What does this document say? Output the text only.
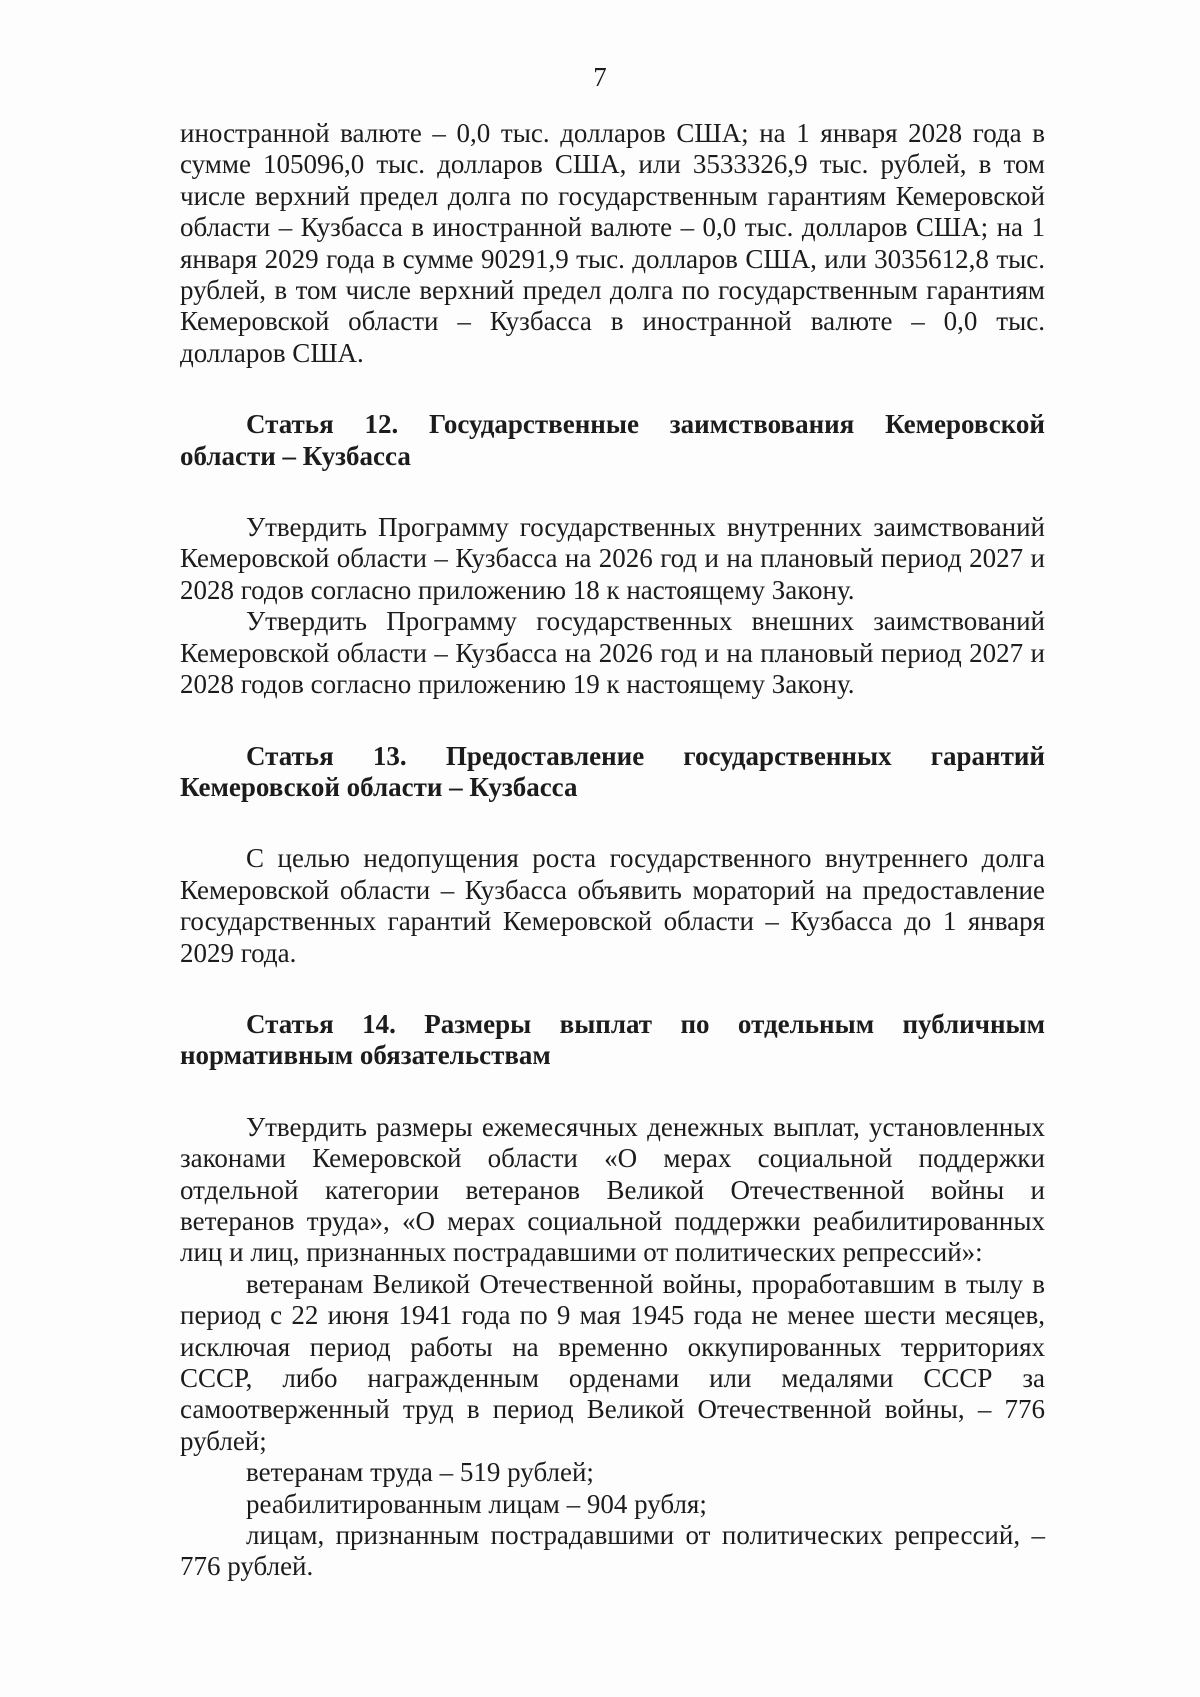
7

иностранной валюте – 0,0 тыс. долларов США; на 1 января 2028 года в сумме 105096,0 тыс. долларов США, или 3533326,9 тыс. рублей, в том числе верхний предел долга по государственным гарантиям Кемеровской области – Кузбасса в иностранной валюте – 0,0 тыс. долларов США; на 1 января 2029 года в сумме 90291,9 тыс. долларов США, или 3035612,8 тыс. рублей, в том числе верхний предел долга по государственным гарантиям Кемеровской области – Кузбасса в иностранной валюте – 0,0 тыс. долларов США.

Статья 12. Государственные заимствования Кемеровской области – Кузбасса

Утвердить Программу государственных внутренних заимствований Кемеровской области – Кузбасса на 2026 год и на плановый период 2027 и 2028 годов согласно приложению 18 к настоящему Закону.

Утвердить Программу государственных внешних заимствований Кемеровской области – Кузбасса на 2026 год и на плановый период 2027 и 2028 годов согласно приложению 19 к настоящему Закону.

Статья 13. Предоставление государственных гарантий Кемеровской области – Кузбасса

С целью недопущения роста государственного внутреннего долга Кемеровской области – Кузбасса объявить мораторий на предоставление государственных гарантий Кемеровской области – Кузбасса до 1 января 2029 года.

Статья 14. Размеры выплат по отдельным публичным нормативным обязательствам

Утвердить размеры ежемесячных денежных выплат, установленных законами Кемеровской области «О мерах социальной поддержки отдельной категории ветеранов Великой Отечественной войны и ветеранов труда», «О мерах социальной поддержки реабилитированных лиц и лиц, признанных пострадавшими от политических репрессий»:

ветеранам Великой Отечественной войны, проработавшим в тылу в период с 22 июня 1941 года по 9 мая 1945 года не менее шести месяцев, исключая период работы на временно оккупированных территориях СССР, либо награжденным орденами или медалями СССР за самоотверженный труд в период Великой Отечественной войны, – 776 рублей;

ветеранам труда – 519 рублей;

реабилитированным лицам – 904 рубля;

лицам, признанным пострадавшими от политических репрессий, – 776 рублей.
